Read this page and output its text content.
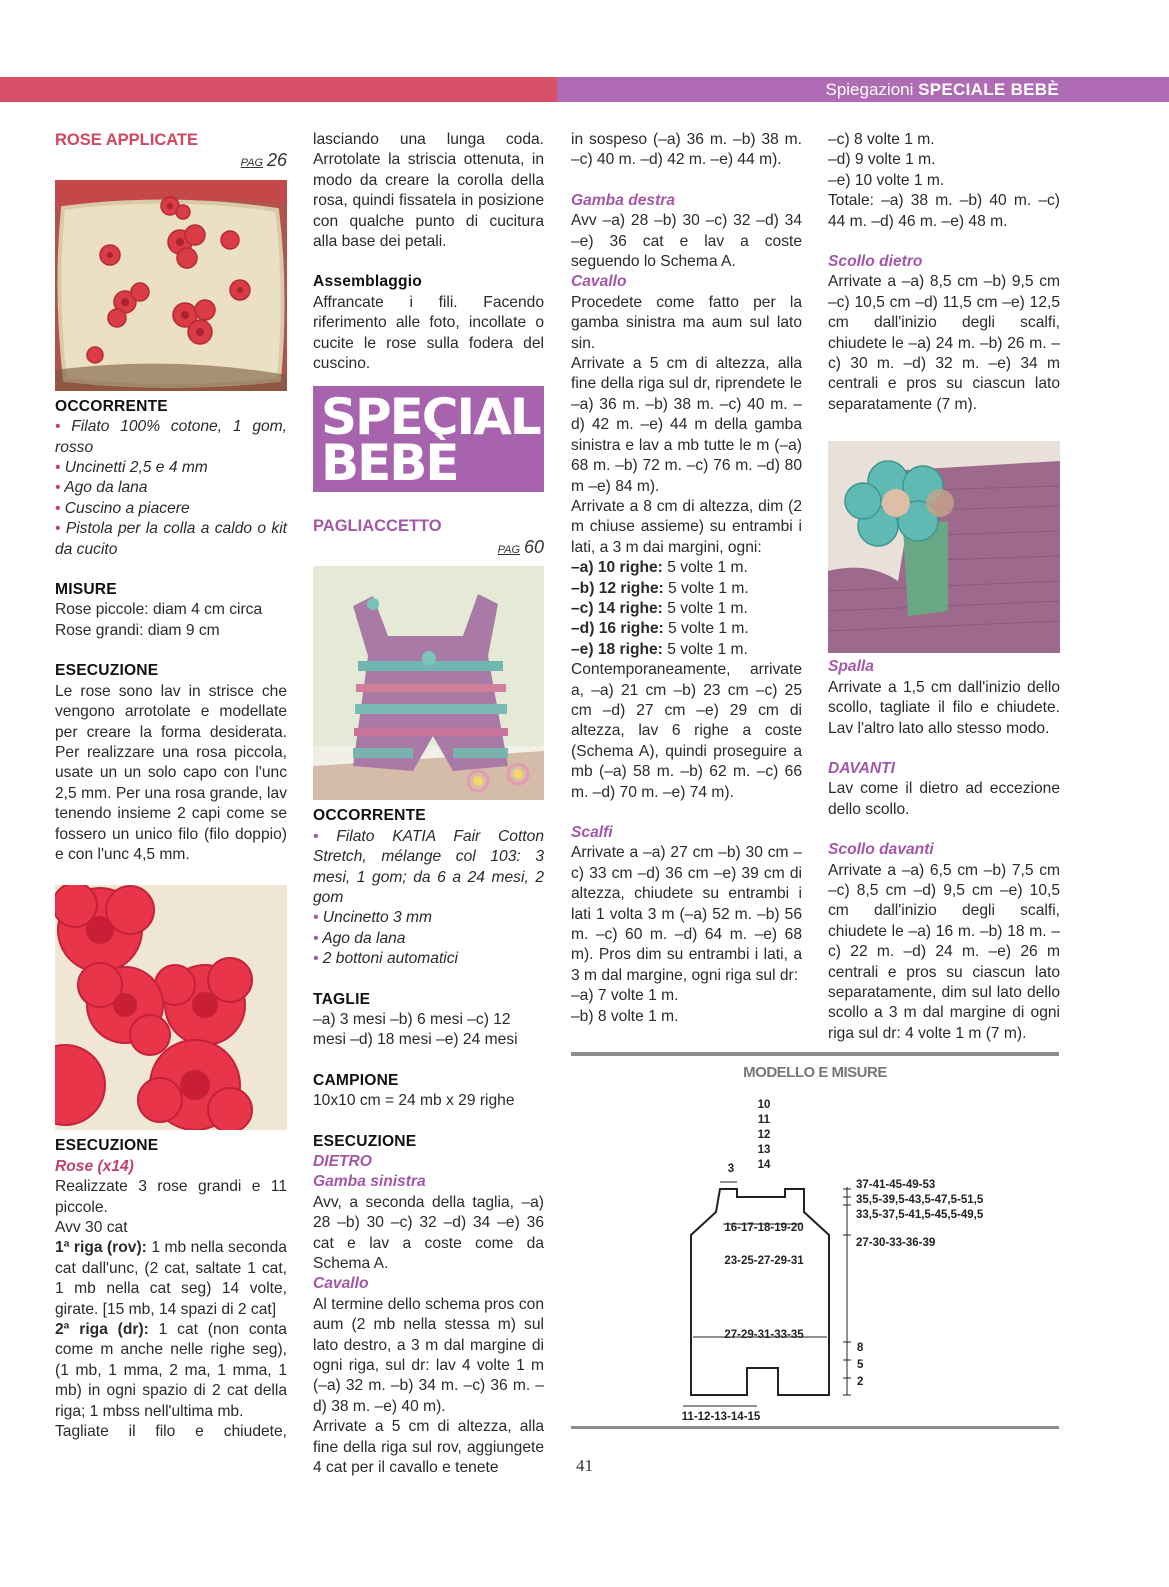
Spiegazioni SPECIALE BEBÈ

ROSE APPLICATE

PAG 26

OCCORRENTE

• Filato 100% cotone, 1 gom, rosso

• Uncinetti 2,5 e 4 mm

• Ago da lana

• Cuscino a piacere

• Pistola per la colla a caldo o kit da cucito

MISURE

Rose piccole: diam 4 cm circa

Rose grandi: diam 9 cm

ESECUZIONE

Le rose sono lav in strisce che vengono arrotolate e modellate per creare la forma desiderata. Per realizzare una rosa piccola, usate un un solo capo con l'unc 2,5 mm. Per una rosa grande, lav tenendo insieme 2 capi come se fossero un unico filo (filo doppio) e con l'unc 4,5 mm.

ESECUZIONE

Rose (x14)

Realizzate 3 rose grandi e 11 piccole.

Avv 30 cat

1ª riga (rov): 1 mb nella seconda cat dall'unc, (2 cat, saltate 1 cat, 1 mb nella cat seg) 14 volte, girate. [15 mb, 14 spazi di 2 cat]

2ª riga (dr): 1 cat (non conta come m anche nelle righe seg), (1 mb, 1 mma, 2 ma, 1 mma, 1 mb) in ogni spazio di 2 cat della riga; 1 mbss nell'ultima mb.

Tagliate il filo e chiudete,

lasciando una lunga coda. Arrotolate la striscia ottenuta, in modo da creare la corolla della rosa, quindi fissatela in posizione con qualche punto di cucitura alla base dei petali.

Assemblaggio

Affrancate i fili. Facendo riferimento alle foto, incollate o cucite le rose sulla fodera del cuscino.

SPECIALE
BEBÈ

PAGLIACCETTO

PAG 60

OCCORRENTE

• Filato KATIA Fair Cotton Stretch, mélange col 103: 3 mesi, 1 gom; da 6 a 24 mesi, 2 gom

• Uncinetto 3 mm

• Ago da lana

• 2 bottoni automatici

TAGLIE

–a) 3 mesi –b) 6 mesi –c) 12 mesi –d) 18 mesi –e) 24 mesi

CAMPIONE

10x10 cm = 24 mb x 29 righe

ESECUZIONE

DIETRO

Gamba sinistra

Avv, a seconda della taglia, –a) 28 –b) 30 –c) 32 –d) 34 –e) 36 cat e lav a coste come da Schema A.

Cavallo

Al termine dello schema pros con aum (2 mb nella stessa m) sul lato destro, a 3 m dal margine di ogni riga, sul dr: lav 4 volte 1 m (–a) 32 m. –b) 34 m. –c) 36 m. –d) 38 m. –e) 40 m).

Arrivate a 5 cm di altezza, alla fine della riga sul rov, aggiungete 4 cat per il cavallo e tenete

in sospeso (–a) 36 m. –b) 38 m. –c) 40 m. –d) 42 m. –e) 44 m).

Gamba destra

Avv –a) 28 –b) 30 –c) 32 –d) 34 –e) 36 cat e lav a coste seguendo lo Schema A.

Cavallo

Procedete come fatto per la gamba sinistra ma aum sul lato sin.

Arrivate a 5 cm di altezza, alla fine della riga sul dr, riprendete le –a) 36 m. –b) 38 m. –c) 40 m. –d) 42 m. –e) 44 m della gamba sinistra e lav a mb tutte le m (–a) 68 m. –b) 72 m. –c) 76 m. –d) 80 m –e) 84 m).

Arrivate a 8 cm di altezza, dim (2 m chiuse assieme) su entrambi i lati, a 3 m dai margini, ogni:

–a) 10 righe: 5 volte 1 m.

–b) 12 righe: 5 volte 1 m.

–c) 14 righe: 5 volte 1 m.

–d) 16 righe: 5 volte 1 m.

–e) 18 righe: 5 volte 1 m.

Contemporaneamente, arrivate a, –a) 21 cm –b) 23 cm –c) 25 cm –d) 27 cm –e) 29 cm di altezza, lav 6 righe a coste (Schema A), quindi proseguire a mb (–a) 58 m. –b) 62 m. –c) 66 m. –d) 70 m. –e) 74 m).

Scalfi

Arrivate a –a) 27 cm –b) 30 cm –c) 33 cm –d) 36 cm –e) 39 cm di altezza, chiudete su entrambi i lati 1 volta 3 m (–a) 52 m. –b) 56 m. –c) 60 m. –d) 64 m. –e) 68 m). Pros dim su entrambi i lati, a 3 m dal margine, ogni riga sul dr:

–a) 7 volte 1 m.

–b) 8 volte 1 m.

–c) 8 volte 1 m.

–d) 9 volte 1 m.

–e) 10 volte 1 m.

Totale: –a) 38 m. –b) 40 m. –c) 44 m. –d) 46 m. –e) 48 m.

Scollo dietro

Arrivate a –a) 8,5 cm –b) 9,5 cm –c) 10,5 cm –d) 11,5 cm –e) 12,5 cm dall'inizio degli scalfi, chiudete le –a) 24 m. –b) 26 m. –c) 30 m. –d) 32 m. –e) 34 m centrali e pros su ciascun lato separatamente (7 m).

Spalla

Arrivate a 1,5 cm dall'inizio dello scollo, tagliate il filo e chiudete. Lav l'altro lato allo stesso modo.

DAVANTI

Lav come il dietro ad eccezione dello scollo.

Scollo davanti

Arrivate a –a) 6,5 cm –b) 7,5 cm –c) 8,5 cm –d) 9,5 cm –e) 10,5 cm dall'inizio degli scalfi, chiudete le –a) 16 m. –b) 18 m. –c) 22 m. –d) 24 m. –e) 26 m centrali e pros su ciascun lato separatamente, dim sul lato dello scollo a 3 m dal margine di ogni riga sul dr: 4 volte 1 m (7 m).

MODELLO E MISURE
10
11
12
13
14
3
37-41-45-49-53
35,5-39,5-43,5-47,5-51,5
33,5-37,5-41,5-45,5-49,5
27-30-33-36-39
16-17-18-19-20
23-25-27-29-31
27-29-31-33-35
11-12-13-14-15
8
5
2
41
